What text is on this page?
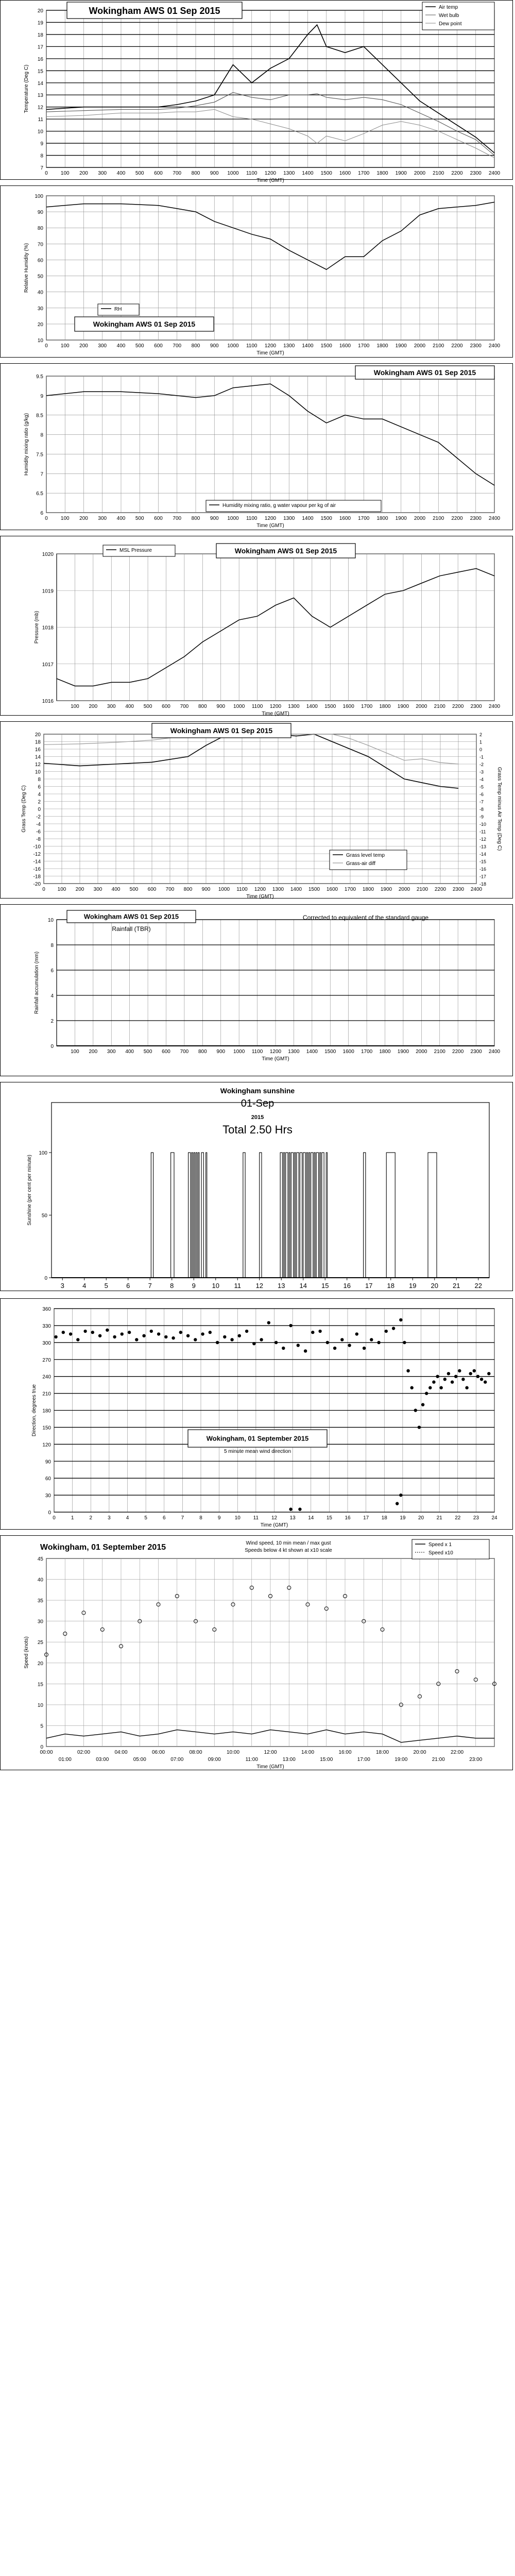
0	100 200 300 400 500 600 700 800 900 1000 1100 1200 1300 1400 1500 1600 1700 1800 1900 2000 2100 2200 2300 2400
7
8
9
10
11
12
13
14
15
16
17
18
19
20
Time (GMT)
Temperature (Deg C)
Wokingham AWS 01 Sep 2015	Air temp
Wet bulb
Dew point
0	100 200 300 400 500 600 700 800 900 1000 1100 1200 1300 1400 1500 1600 1700 1800 1900 2000 2100 2200 2300 2400
10
20
30
40
50
60
70
80
90
100
Time (GMT)
Relative Humidity (%)
RH
Wokingham AWS 01 Sep 2015
0	100 200 300 400 500 600 700 800 900 1000 1100 1200 1300 1400 1500 1600 1700 1800 1900 2000 2100 2200 2300 2400
6
6.5
7
7.5
8
8.5
9
9.5
Time (GMT)
Humidity mixing ratio (g/kg)
Wokingham AWS 01 Sep 2015
Humidity mixing ratio, g water vapour per kg of air
100 200 300 400 500 600 700 800 900 1000 1100 1200 1300 1400 1500 1600 1700 1800 1900 2000 2100 2200 2300 2400
1016
1017
1018
1019
1020
Time (GMT)
Pressure (mb)
MSL Pressure	Wokingham AWS 01 Sep 2015
0 100 200 300 400 500 600 700 800 900 1000 1100 1200 1300 1400 1500 1600 1700 1800 1900 2000 2100 2200 2300 2400
-20
-18
-16
-14
-12
-10
-8
-6
-4
-2
0
2
4
6
8
10
12
14
16
18
20
Time (GMT)
Grass Temp (Deg C)
-18
-17
-16
-15
-14
-13
-12
-11
-10
-9
-8
-7
-6
-5
-4
-3
-2
-1
0
1
2
Grass Temp minus Air Temp (Deg C)
Wokingham AWS 01 Sep 2015
Grass level temp
Grass-air diff
100 200 300 400 500 600 700 800 900 1000 1100 1200 1300 1400 1500 1600 1700 1800 1900 2000 2100 2200 2300 2400
0
2
4
6
8
10
Time (GMT)
Rainfall accumulation (mm)
Wokingham AWS 01 Sep 2015
Rainfall (TBR)
Corrected to equivalent of the standard gauge
3	4	5	6	7	8	9 10 11 12 13 14 15 16 17 18 19 20 21 22
0
50
100
Sunshine (per cent per minute)
Wokingham sunshine
01-Sep
2015
Total 2.50 Hrs
0	1	2	3	4	5	6	7	8	9	10 11 12 13 14 15 16 17 18 19 20 21 22 23 24
0
30
60
90
120
150
180
210
240
270
300
330
360
Time (GMT)
Direction, degrees true
Wokingham, 01 September 2015
5 minute mean wind direction
0
5
10
15
20
25
30
35
40
45
00:00	02:00	04:00	06:00	08:00	10:00	12:00	14:00	16:00	18:00	20:00	22:00
01:00	03:00	05:00	07:00	09:00	11:00	13:00	15:00	17:00	19:00	21:00	23:00
Time (GMT)
Speed (knots)
Wokingham, 01 September 2015	Wind speed, 10 min mean / max gust
Speeds below 4 kt shown at x10 scale
Speed x 1
Speed x10
